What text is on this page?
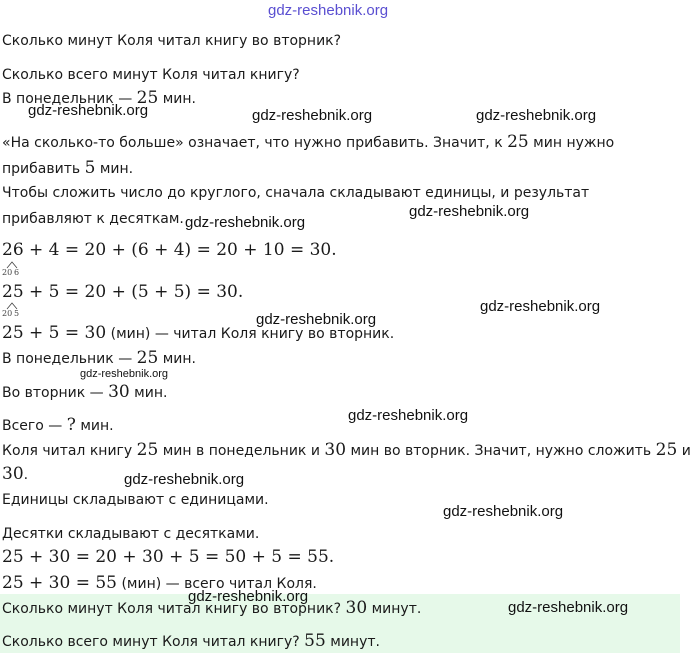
gdz-reshebnik.org
Сколько минут Коля читал книгу во вторник?
Сколько всего минут Коля читал книгу?
В понедельник — 25 мин.
«На сколько-то больше» означает, что нужно прибавить. Значит, к 25 мин нужно
прибавить 5 мин.
Чтобы сложить число до круглого, сначала складывают единицы, и результат
прибавляют к десяткам.
26 + 4 = 20 + (6 + 4) = 20 + 10 = 30.
20 6
25 + 5 = 20 + (5 + 5) = 30.
20 5
25 + 5 = 30 (мин) — читал Коля книгу во вторник.
В понедельник — 25 мин.
Во вторник — 30 мин.
Всего — ? мин.
Коля читал книгу 25 мин в понедельник и 30 мин во вторник. Значит, нужно сложить 25 и
30.
Единицы складывают с единицами.
Десятки складывают с десятками.
25 + 30 = 20 + 30 + 5 = 50 + 5 = 55.
25 + 30 = 55 (мин) — всего читал Коля.
Сколько минут Коля читал книгу во вторник? 30 минут.
Сколько всего минут Коля читал книгу? 55 минут.
gdz-reshebnik.org	gdz-reshebnik.org	gdz-reshebnik.org
gdz-reshebnik.org
gdz-reshebnik.org
gdz-reshebnik.org
gdz-reshebnik.org
gdz-reshebnik.org
gdz-reshebnik.org
gdz-reshebnik.org
gdz-reshebnik.org
gdz-reshebnik.org
gdz-reshebnik.org
